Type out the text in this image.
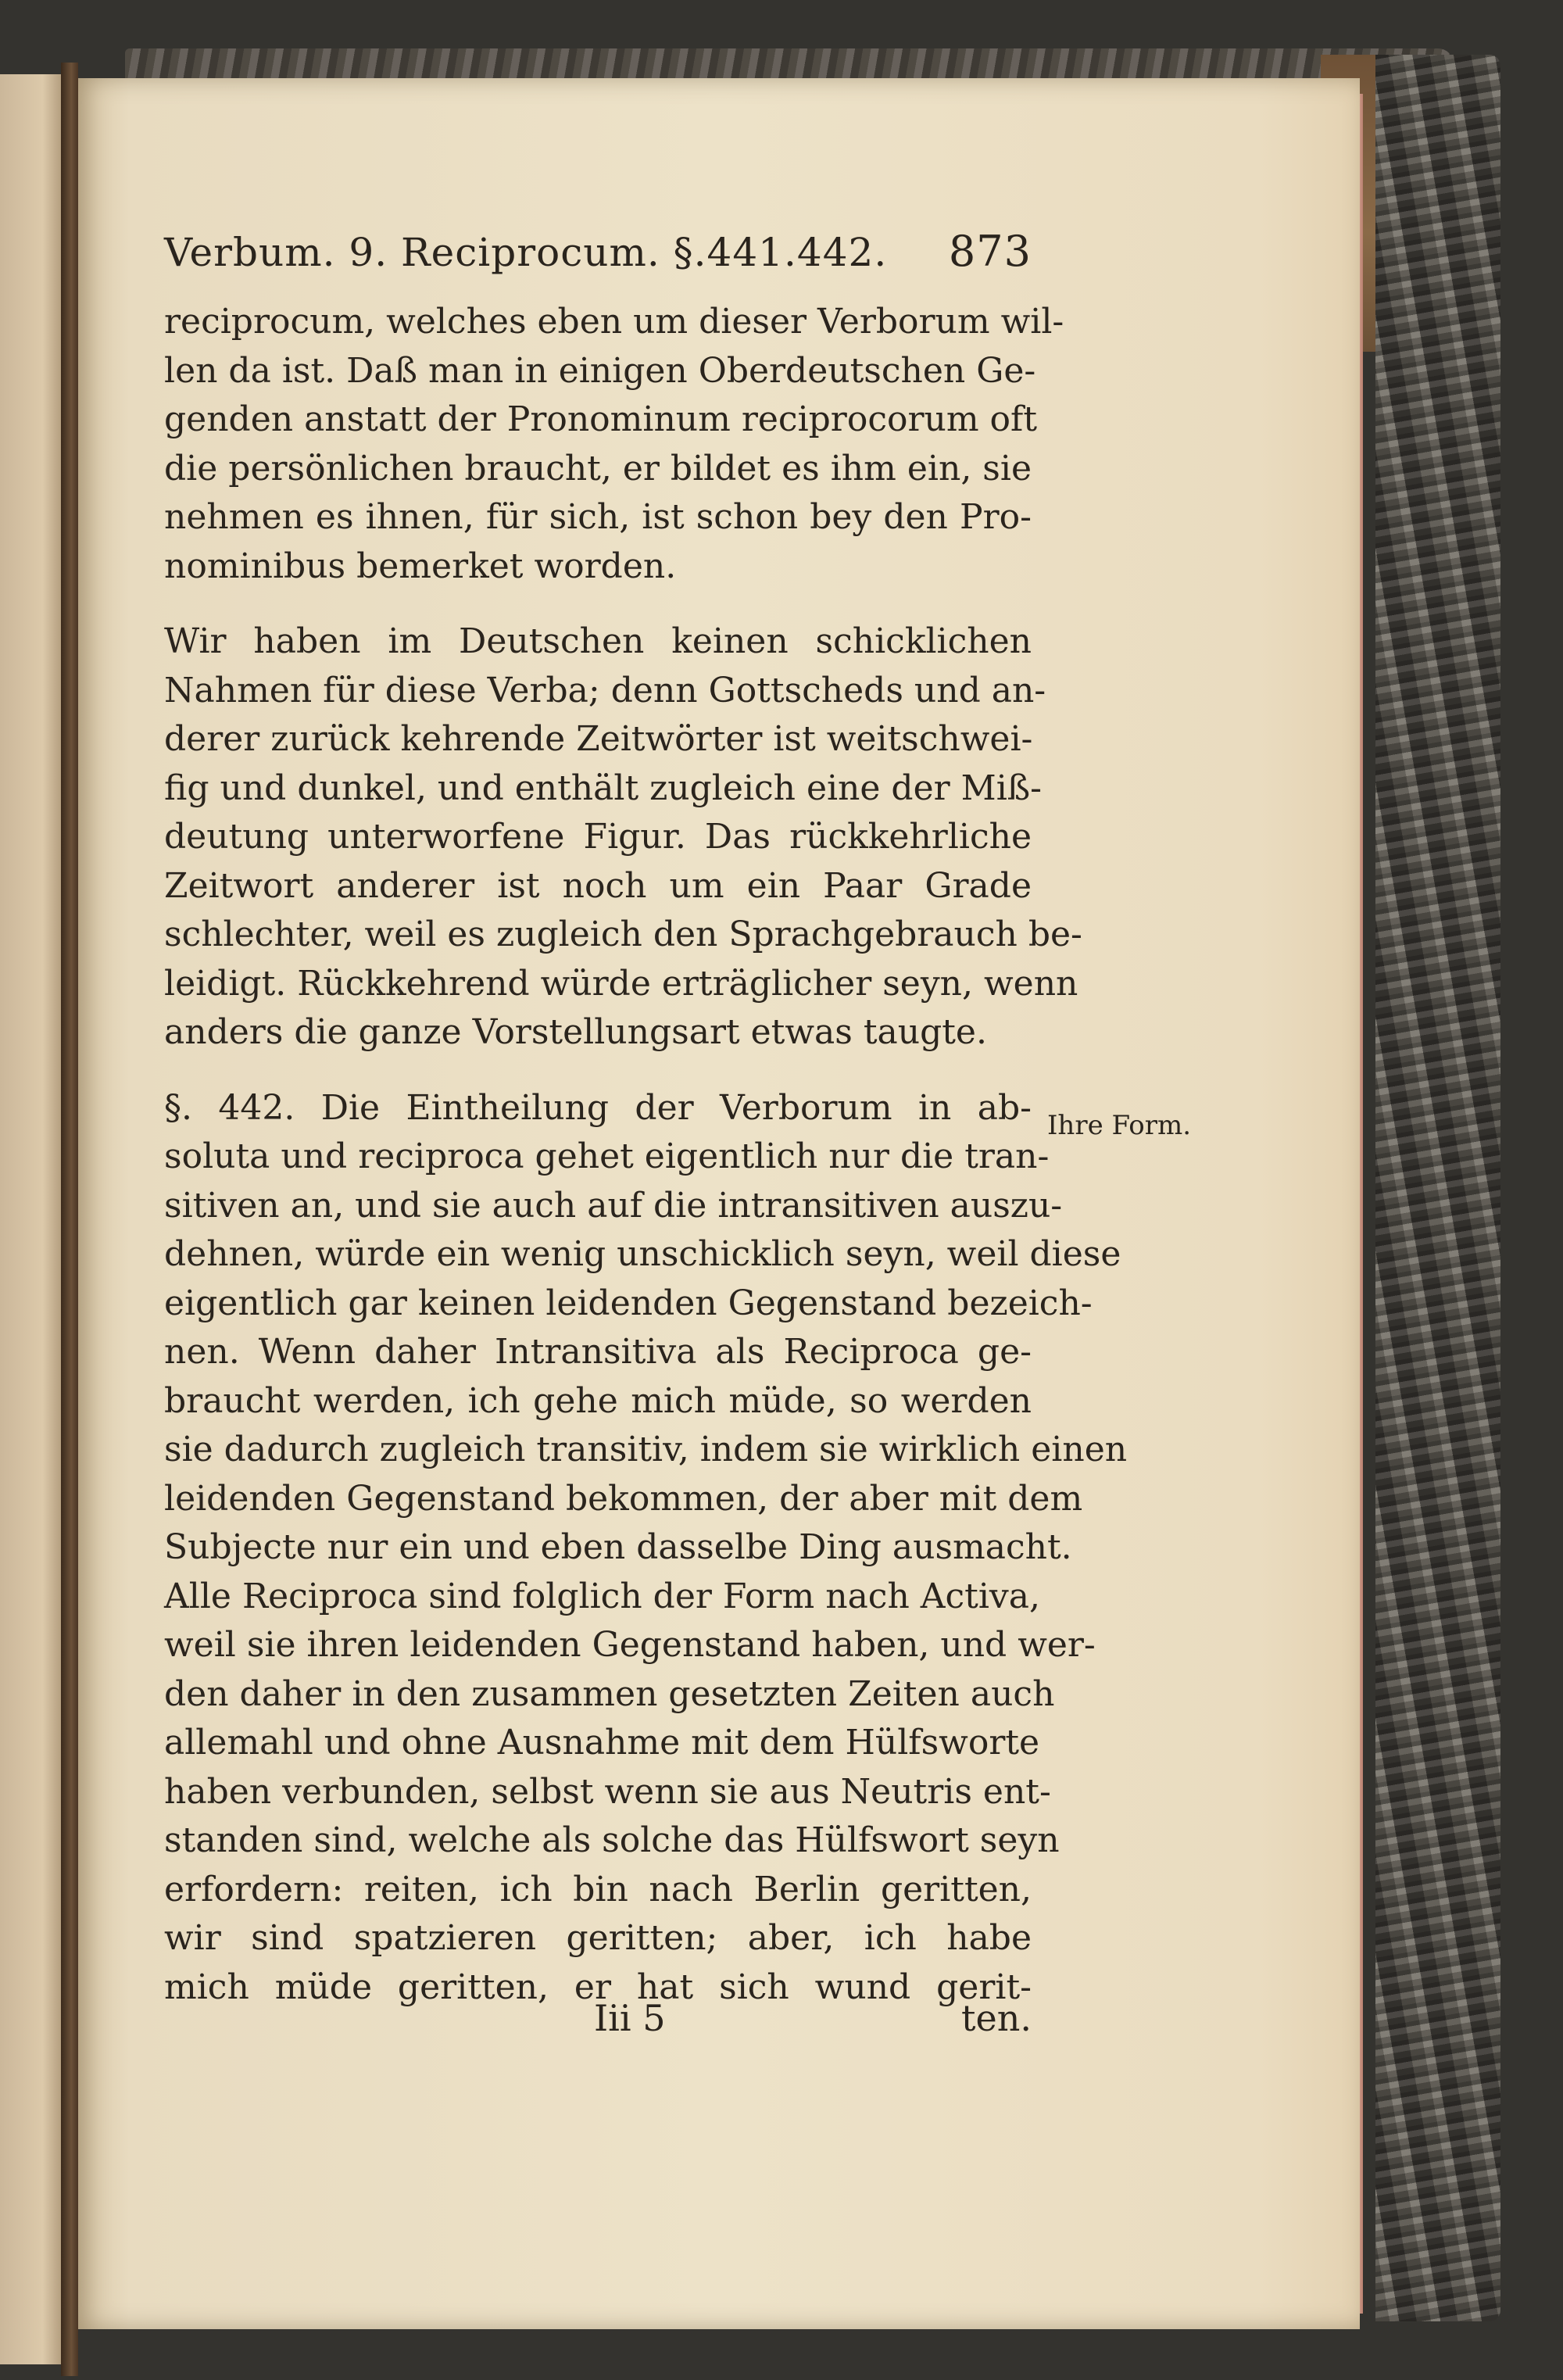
Verbum. 9. Reciprocum. §.441.442. 873
reciprocum, welches eben um dieser Verborum wil-
len da ist. Daß man in einigen Oberdeutschen Ge-
genden anstatt der Pronominum reciprocorum oft
die persönlichen braucht, er bildet es ihm ein, sie
nehmen es ihnen, für sich, ist schon bey den Pro-
nominibus bemerket worden.
Wir haben im Deutschen keinen schicklichen
Nahmen für diese Verba; denn Gottscheds und an-
derer zurück kehrende Zeitwörter ist weitschwei-
fig und dunkel, und enthält zugleich eine der Miß-
deutung unterworfene Figur. Das rückkehrliche
Zeitwort anderer ist noch um ein Paar Grade
schlechter, weil es zugleich den Sprachgebrauch be-
leidigt. Rückkehrend würde erträglicher seyn, wenn
anders die ganze Vorstellungsart etwas taugte.
§. 442. Die Eintheilung der Verborum in ab-
soluta und reciproca gehet eigentlich nur die tran-
sitiven an, und sie auch auf die intransitiven auszu-
dehnen, würde ein wenig unschicklich seyn, weil diese
eigentlich gar keinen leidenden Gegenstand bezeich-
nen. Wenn daher Intransitiva als Reciproca ge-
braucht werden, ich gehe mich müde, so werden
sie dadurch zugleich transitiv, indem sie wirklich einen
leidenden Gegenstand bekommen, der aber mit dem
Subjecte nur ein und eben dasselbe Ding ausmacht.
Alle Reciproca sind folglich der Form nach Activa,
weil sie ihren leidenden Gegenstand haben, und wer-
den daher in den zusammen gesetzten Zeiten auch
allemahl und ohne Ausnahme mit dem Hülfsworte
haben verbunden, selbst wenn sie aus Neutris ent-
standen sind, welche als solche das Hülfswort seyn
erfordern: reiten, ich bin nach Berlin geritten,
wir sind spatzieren geritten; aber, ich habe
mich müde geritten, er hat sich wund gerit-
Ihre Form.
Iii 5	ten.
